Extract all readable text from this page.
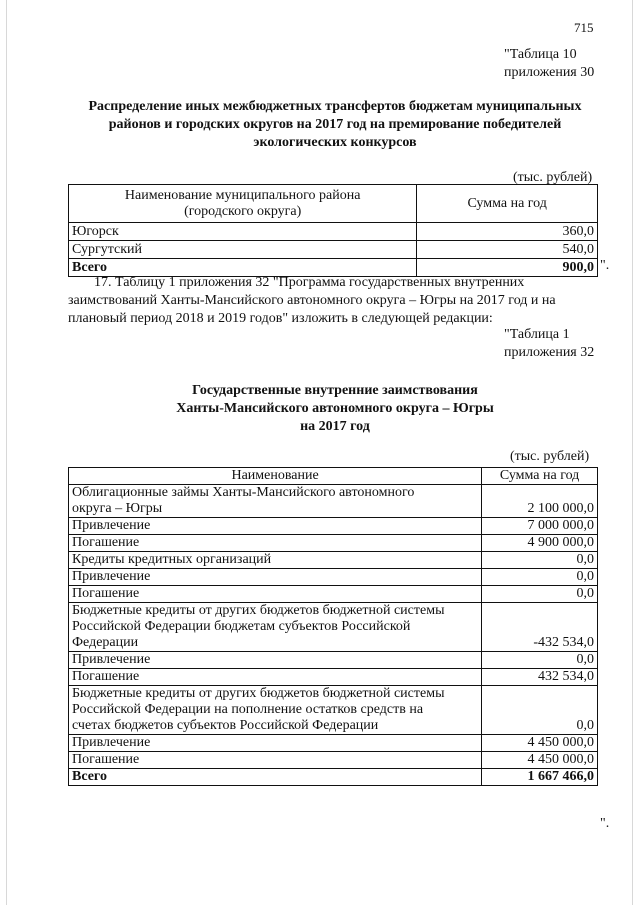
715
"Таблица 10
приложения 30
Распределение иных межбюджетных трансфертов бюджетам муниципальных
районов и городских округов на 2017 год на премирование победителей
экологических конкурсов
(тыс. рублей)
Наименование муниципального района
(городского округа)	Сумма на год
Югорск	360,0
Сургутский	540,0
Всего	900,0 ".
17. Таблицу 1 приложения 32 "Программа государственных внутренних
заимствований Ханты-Мансийского автономного округа – Югры на 2017 год и на
плановый период 2018 и 2019 годов" изложить в следующей редакции:
"Таблица 1
приложения 32
Государственные внутренние заимствования
Ханты-Мансийского автономного округа – Югры
на 2017 год
(тыс. рублей)
Наименование	Сумма на год

Облигационные займы Ханты-Мансийского автономного
округа – Югры	2 100 000,0

Привлечение	7 000 000,0

Погашение	4 900 000,0

Кредиты кредитных организаций	0,0

Привлечение	0,0

Погашение	0,0

Бюджетные кредиты от других бюджетов бюджетной системы
Российской Федерации бюджетам субъектов Российской
Федерации	-432 534,0

Привлечение	0,0

Погашение	432 534,0

Бюджетные кредиты от других бюджетов бюджетной системы
Российской Федерации на пополнение остатков средств на
счетах бюджетов субъектов Российской Федерации	0,0

Привлечение	4 450 000,0

Погашение	4 450 000,0
Всего	1 667 466,0
".
